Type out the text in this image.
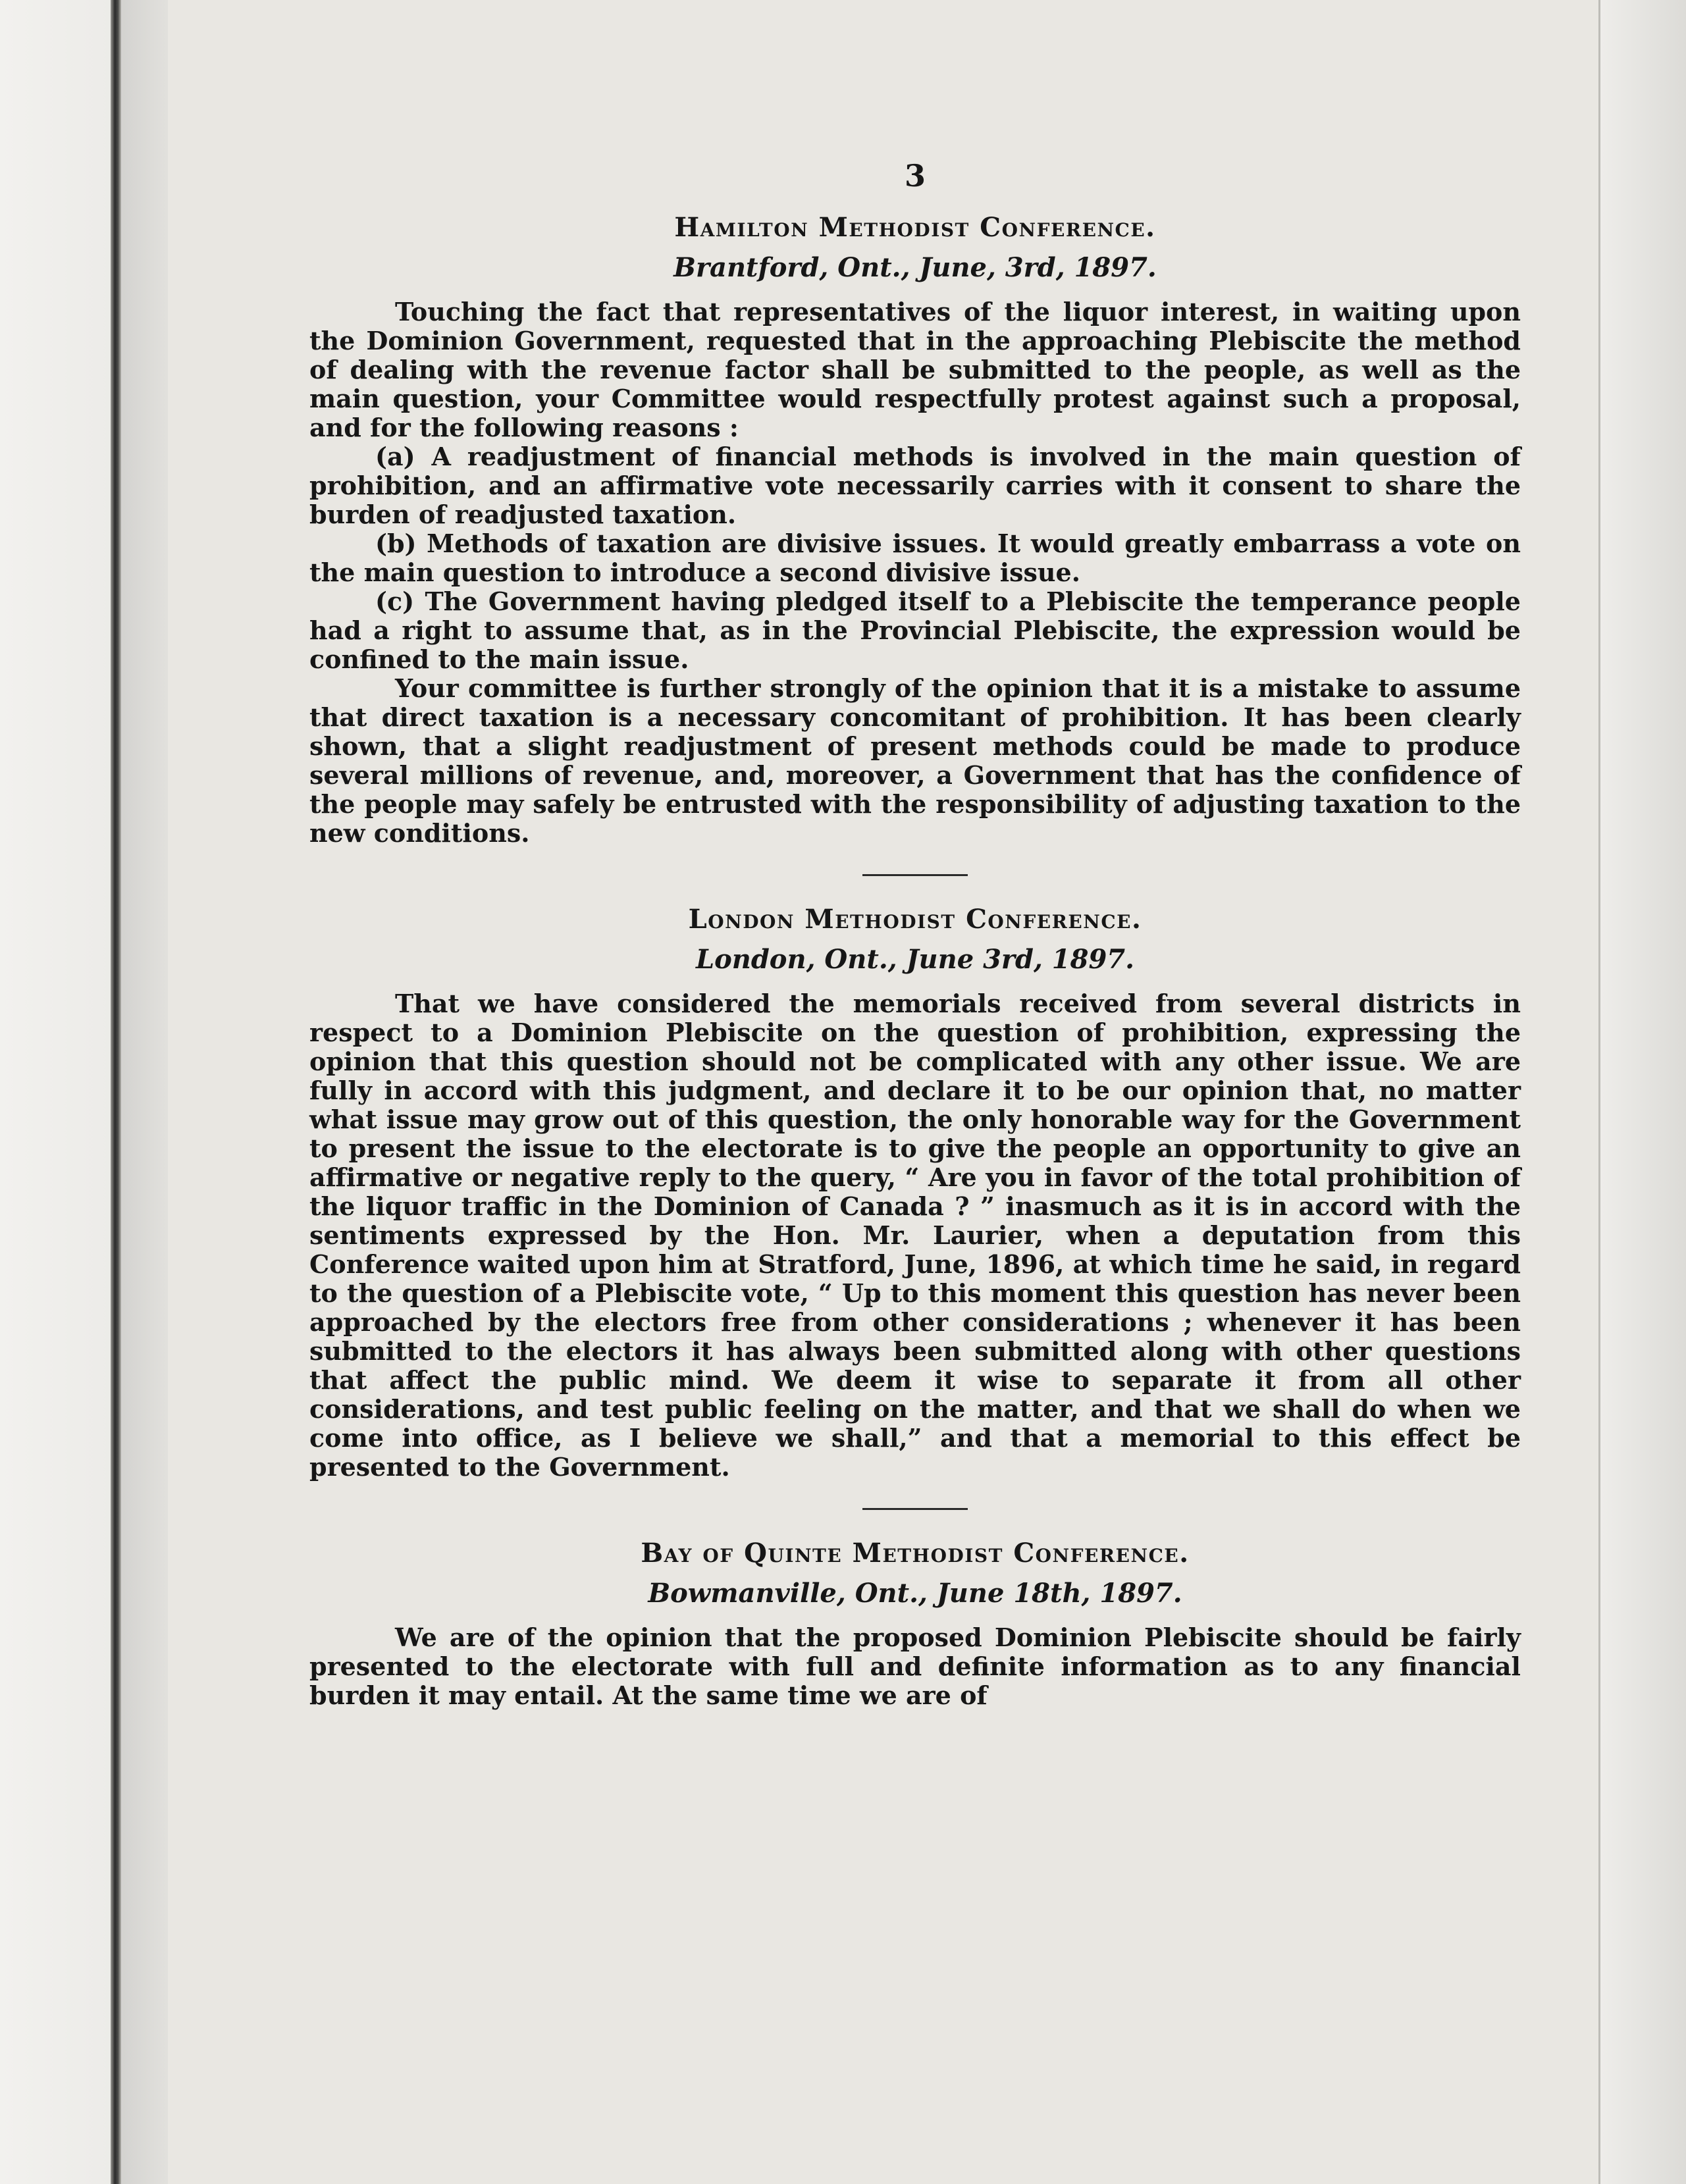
3
Hamilton Methodist Conference.
Brantford, Ont., June, 3rd, 1897.

Touching the fact that representatives of the liquor interest, in waiting upon the Dominion Government, requested that in the approaching Plebiscite the method of dealing with the revenue factor shall be submitted to the people, as well as the main question, your Committee would respectfully protest against such a proposal, and for the following reasons :

(a) A readjustment of financial methods is involved in the main question of prohibition, and an affirmative vote necessarily carries with it consent to share the burden of readjusted taxation.

(b) Methods of taxation are divisive issues. It would greatly embarrass a vote on the main question to introduce a second divisive issue.

(c) The Government having pledged itself to a Plebiscite the temperance people had a right to assume that, as in the Provincial Plebiscite, the expression would be confined to the main issue.

Your committee is further strongly of the opinion that it is a mistake to assume that direct taxation is a necessary concomitant of prohibition. It has been clearly shown, that a slight readjustment of present methods could be made to produce several millions of revenue, and, moreover, a Government that has the confidence of the people may safely be entrusted with the responsibility of adjusting taxation to the new conditions.

London Methodist Conference.
London, Ont., June 3rd, 1897.

That we have considered the memorials received from several districts in respect to a Dominion Plebiscite on the question of prohibition, expressing the opinion that this question should not be complicated with any other issue. We are fully in accord with this judgment, and declare it to be our opinion that, no matter what issue may grow out of this question, the only honorable way for the Government to present the issue to the electorate is to give the people an opportunity to give an affirmative or negative reply to the query, “ Are you in favor of the total prohibition of the liquor traffic in the Dominion of Canada ? ” inasmuch as it is in accord with the sentiments expressed by the Hon. Mr. Laurier, when a deputation from this Conference waited upon him at Stratford, June, 1896, at which time he said, in regard to the question of a Plebiscite vote, “ Up to this moment this question has never been approached by the electors free from other considerations ; whenever it has been submitted to the electors it has always been submitted along with other questions that affect the public mind. We deem it wise to separate it from all other considerations, and test public feeling on the matter, and that we shall do when we come into office, as I believe we shall,” and that a memorial to this effect be presented to the Government.

Bay of Quinte Methodist Conference.
Bowmanville, Ont., June 18th, 1897.

We are of the opinion that the proposed Dominion Plebiscite should be fairly presented to the electorate with full and definite information as to any financial burden it may entail. At the same time we are of
